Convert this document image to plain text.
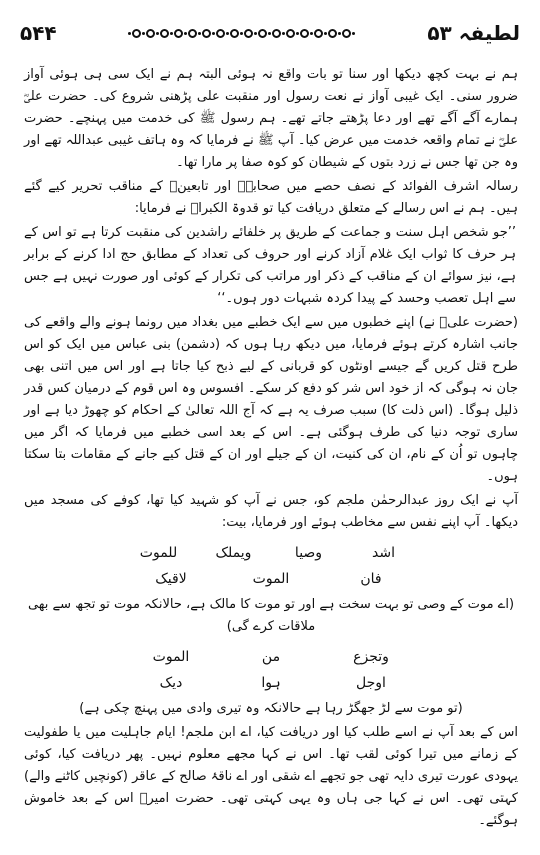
۵۴۴	لطیفہ ۵۳

ہم نے بہت کچھ دیکھا اور سنا تو بات واقع نہ ہوئی البتہ ہم نے ایک سی ہی ہوئی آواز ضرور سنی۔ ایک غیبی آواز نے نعت رسول اور منقبت علی پڑھنی شروع کی۔ حضرت علیؓ ہمارے آگے آگے تھے اور دعا پڑھتے جاتے تھے۔ ہم رسول ﷺ کی خدمت میں پہنچے۔ حضرت علیؓ نے تمام واقعہ خدمت میں عرض کیا۔ آپ ﷺ نے فرمایا کہ وہ ہاتف غیبی عبداللہ تھے اور وہ جن تھا جس نے زرد بتوں کے شیطان کو کوہ صفا پر مارا تھا۔

رسالہ اشرف الفوائد کے نصف حصے میں صحابہؓ اور تابعینؒ کے مناقب تحریر کیے گئے ہیں۔ ہم نے اس رسالے کے متعلق دریافت کیا تو قدوۃ الکبراؒ نے فرمایا:

’’جو شخص اہل سنت و جماعت کے طریق پر خلفائے راشدین کی منقبت کرتا ہے تو اس کے ہر حرف کا ثواب ایک غلام آزاد کرنے اور حروف کی تعداد کے مطابق حج ادا کرنے کے برابر ہے، نیز سوائے ان کے مناقب کے ذکر اور مراتب کی تکرار کے کوئی اور صورت نہیں ہے جس سے اہل تعصب وحسد کے پیدا کردہ شبہات دور ہوں۔‘‘

(حضرت علیؓ نے) اپنے خطبوں میں سے ایک خطبے میں بغداد میں رونما ہونے والے واقعے کی جانب اشارہ کرتے ہوئے فرمایا، میں دیکھ رہا ہوں کہ (دشمن) بنی عباس میں ایک کو اس طرح قتل کریں گے جیسے اونٹوں کو قربانی کے لیے ذبح کیا جاتا ہے اور اس میں اتنی بھی جان نہ ہوگی کہ از خود اس شر کو دفع کر سکے۔ افسوس وہ اس قوم کے درمیان کس قدر ذلیل ہوگا۔ (اس ذلت کا) سبب صرف یہ ہے کہ آج اللہ تعالیٰ کے احکام کو چھوڑ دیا ہے اور ساری توجہ دنیا کی طرف ہوگئی ہے۔ اس کے بعد اسی خطبے میں فرمایا کہ اگر میں چاہوں تو اُن کے نام، ان کی کنیت، ان کے جیلے اور ان کے قتل کیے جانے کے مقامات بتا سکتا ہوں۔

آپ نے ایک روز عبدالرحمٰن ملجم کو، جس نے آپ کو شہید کیا تھا، کوفے کی مسجد میں دیکھا۔ آپ اپنے نفس سے مخاطب ہوئے اور فرمایا، بیت:

اشد
وصیا
ویملک
للموت
فان
الموت
لاقیک

(اے موت کے وصی تو بہت سخت ہے اور تو موت کا مالک ہے، حالانکہ موت تو تجھ سے بھی ملاقات کرے گی)

وتجزع
من
الموت
اوجل
ہوا
دیک

(تو موت سے لڑ جھگڑ رہا ہے حالانکہ وہ تیری وادی میں پہنچ چکی ہے)

اس کے بعد آپ نے اسے طلب کیا اور دریافت کیا، اے ابن ملجم! ایام جاہلیت میں یا طفولیت کے زمانے میں تیرا کوئی لقب تھا۔ اس نے کہا مجھے معلوم نہیں۔ پھر دریافت کیا، کوئی یہودی عورت تیری دایہ تھی جو تجھے اے شقی اور اے ناقۂ صالح کے عاقر (کونچیں کاٹنے والے) کہتی تھی۔ اس نے کہا جی ہاں وہ یہی کہتی تھی۔ حضرت امیرؓ اس کے بعد خاموش ہوگئے۔
